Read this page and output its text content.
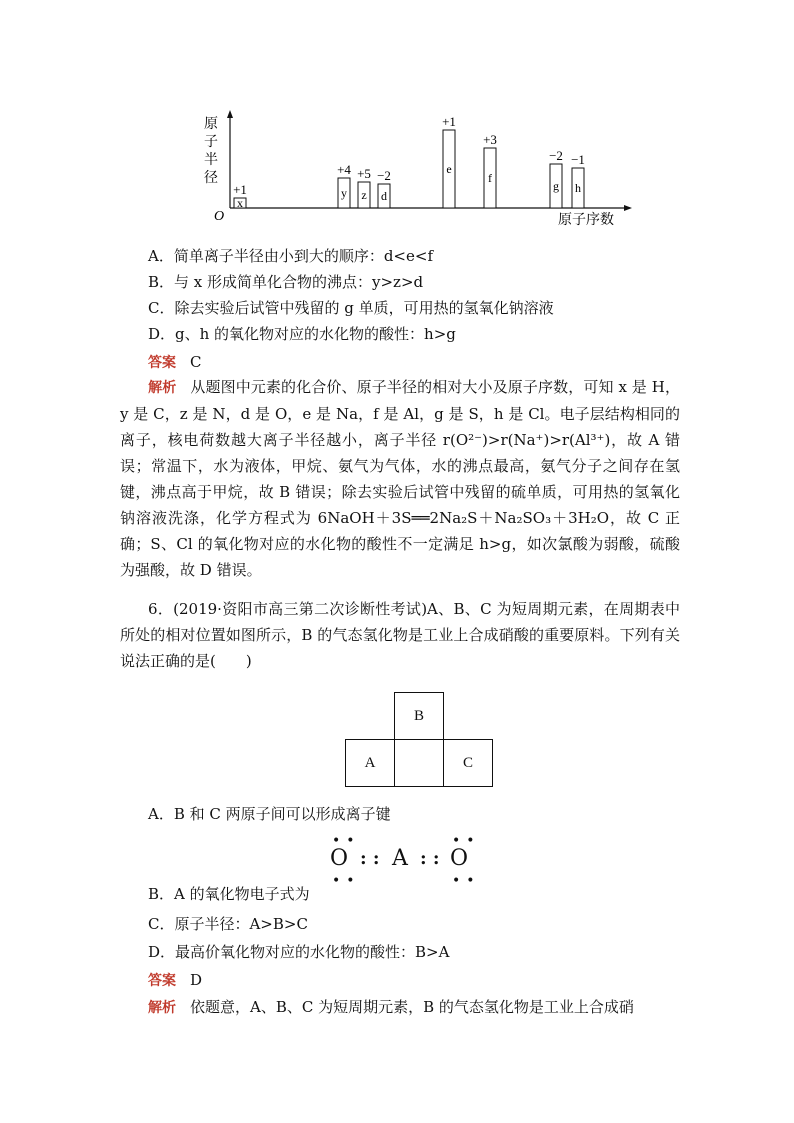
原
子
半
径
O	原子序数
+1
x
+4
y
+5
z
−2
d
+1
e
+3
f
−2
g
−1
h
A．简单离子半径由小到大的顺序：d<e<f
B．与 x 形成简单化合物的沸点：y>z>d
C．除去实验后试管中残留的 g 单质，可用热的氢氧化钠溶液
D．g、h 的氧化物对应的水化物的酸性：h>g
答案 C
解析 从题图中元素的化合价、原子半径的相对大小及原子序数，可知 x 是 H，y 是 C，z 是 N，d 是 O，e 是 Na，f 是 Al，g 是 S，h 是 Cl。电子层结构相同的离子，核电荷数越大离子半径越小，离子半径 r(O²⁻)>r(Na⁺)>r(Al³⁺)，故 A 错误；常温下，水为液体，甲烷、氨气为气体，水的沸点最高，氨气分子之间存在氢键，沸点高于甲烷，故 B 错误；除去实验后试管中残留的硫单质，可用热的氢氧化钠溶液洗涤，化学方程式为 6NaOH＋3S══2Na₂S＋Na₂SO₃＋3H₂O，故 C 正确；S、Cl 的氧化物对应的水化物的酸性不一定满足 h>g，如次氯酸为弱酸，硫酸为强酸，故 D 错误。
6．(2019·资阳市高三第二次诊断性考试)A、B、C 为短周期元素，在周期表中所处的相对位置如图所示，B 的气态氢化物是工业上合成硝酸的重要原料。下列有关说法正确的是(　　)
	B	
A		C
A．B 和 C 两原子间可以形成离子键
••	••
O : : A : : O
••	••
B．A 的氧化物电子式为
C．原子半径：A>B>C
D．最高价氧化物对应的水化物的酸性：B>A
答案 D
解析 依题意，A、B、C 为短周期元素，B 的气态氢化物是工业上合成硝
